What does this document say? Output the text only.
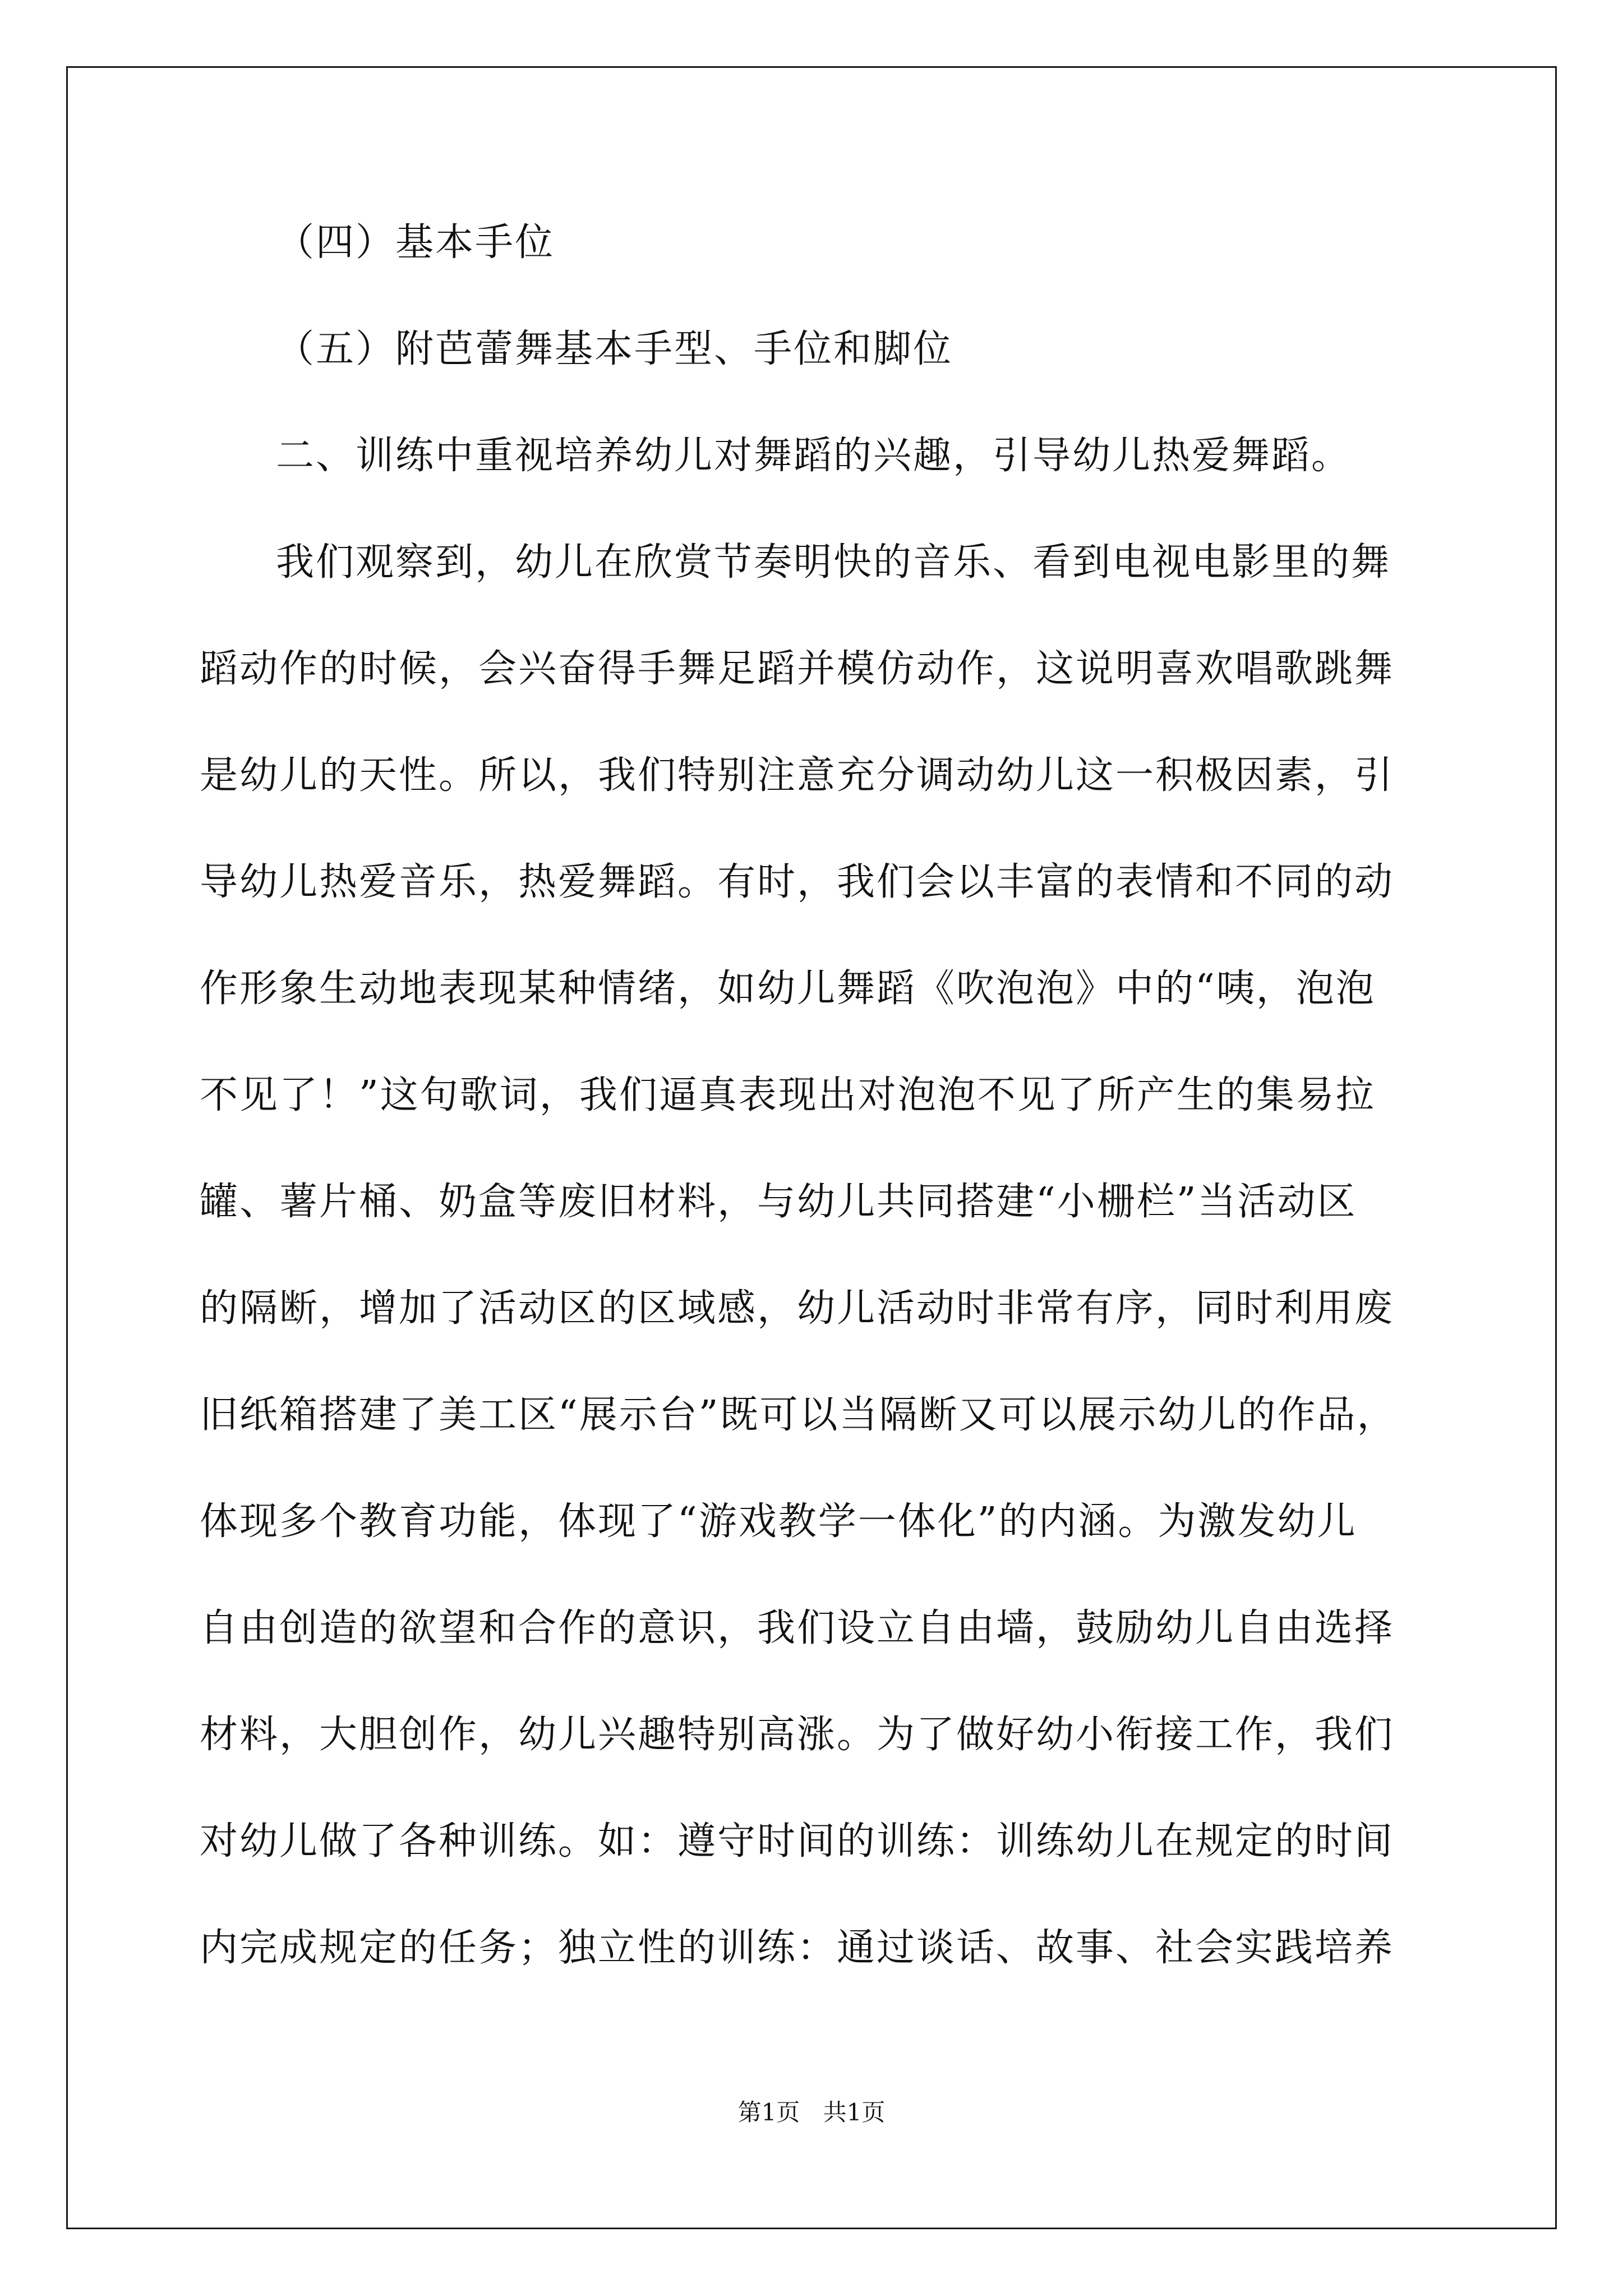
（四）基本手位
（五）附芭蕾舞基本手型、手位和脚位
二、训练中重视培养幼儿对舞蹈的兴趣，引导幼儿热爱舞蹈。
我们观察到，幼儿在欣赏节奏明快的音乐、看到电视电影里的舞
蹈动作的时候，会兴奋得手舞足蹈并模仿动作，这说明喜欢唱歌跳舞
是幼儿的天性。所以，我们特别注意充分调动幼儿这一积极因素，引
导幼儿热爱音乐，热爱舞蹈。有时，我们会以丰富的表情和不同的动
作形象生动地表现某种情绪，如幼儿舞蹈《吹泡泡》中的“咦，泡泡
不见了！”这句歌词，我们逼真表现出对泡泡不见了所产生的集易拉
罐、薯片桶、奶盒等废旧材料，与幼儿共同搭建“小栅栏”当活动区
的隔断，增加了活动区的区域感，幼儿活动时非常有序，同时利用废
旧纸箱搭建了美工区“展示台”既可以当隔断又可以展示幼儿的作品，
体现多个教育功能，体现了“游戏教学一体化”的内涵。为激发幼儿
自由创造的欲望和合作的意识，我们设立自由墙，鼓励幼儿自由选择
材料，大胆创作，幼儿兴趣特别高涨。为了做好幼小衔接工作，我们
对幼儿做了各种训练。如：遵守时间的训练：训练幼儿在规定的时间
内完成规定的任务；独立性的训练：通过谈话、故事、社会实践培养
第1页 共1页
